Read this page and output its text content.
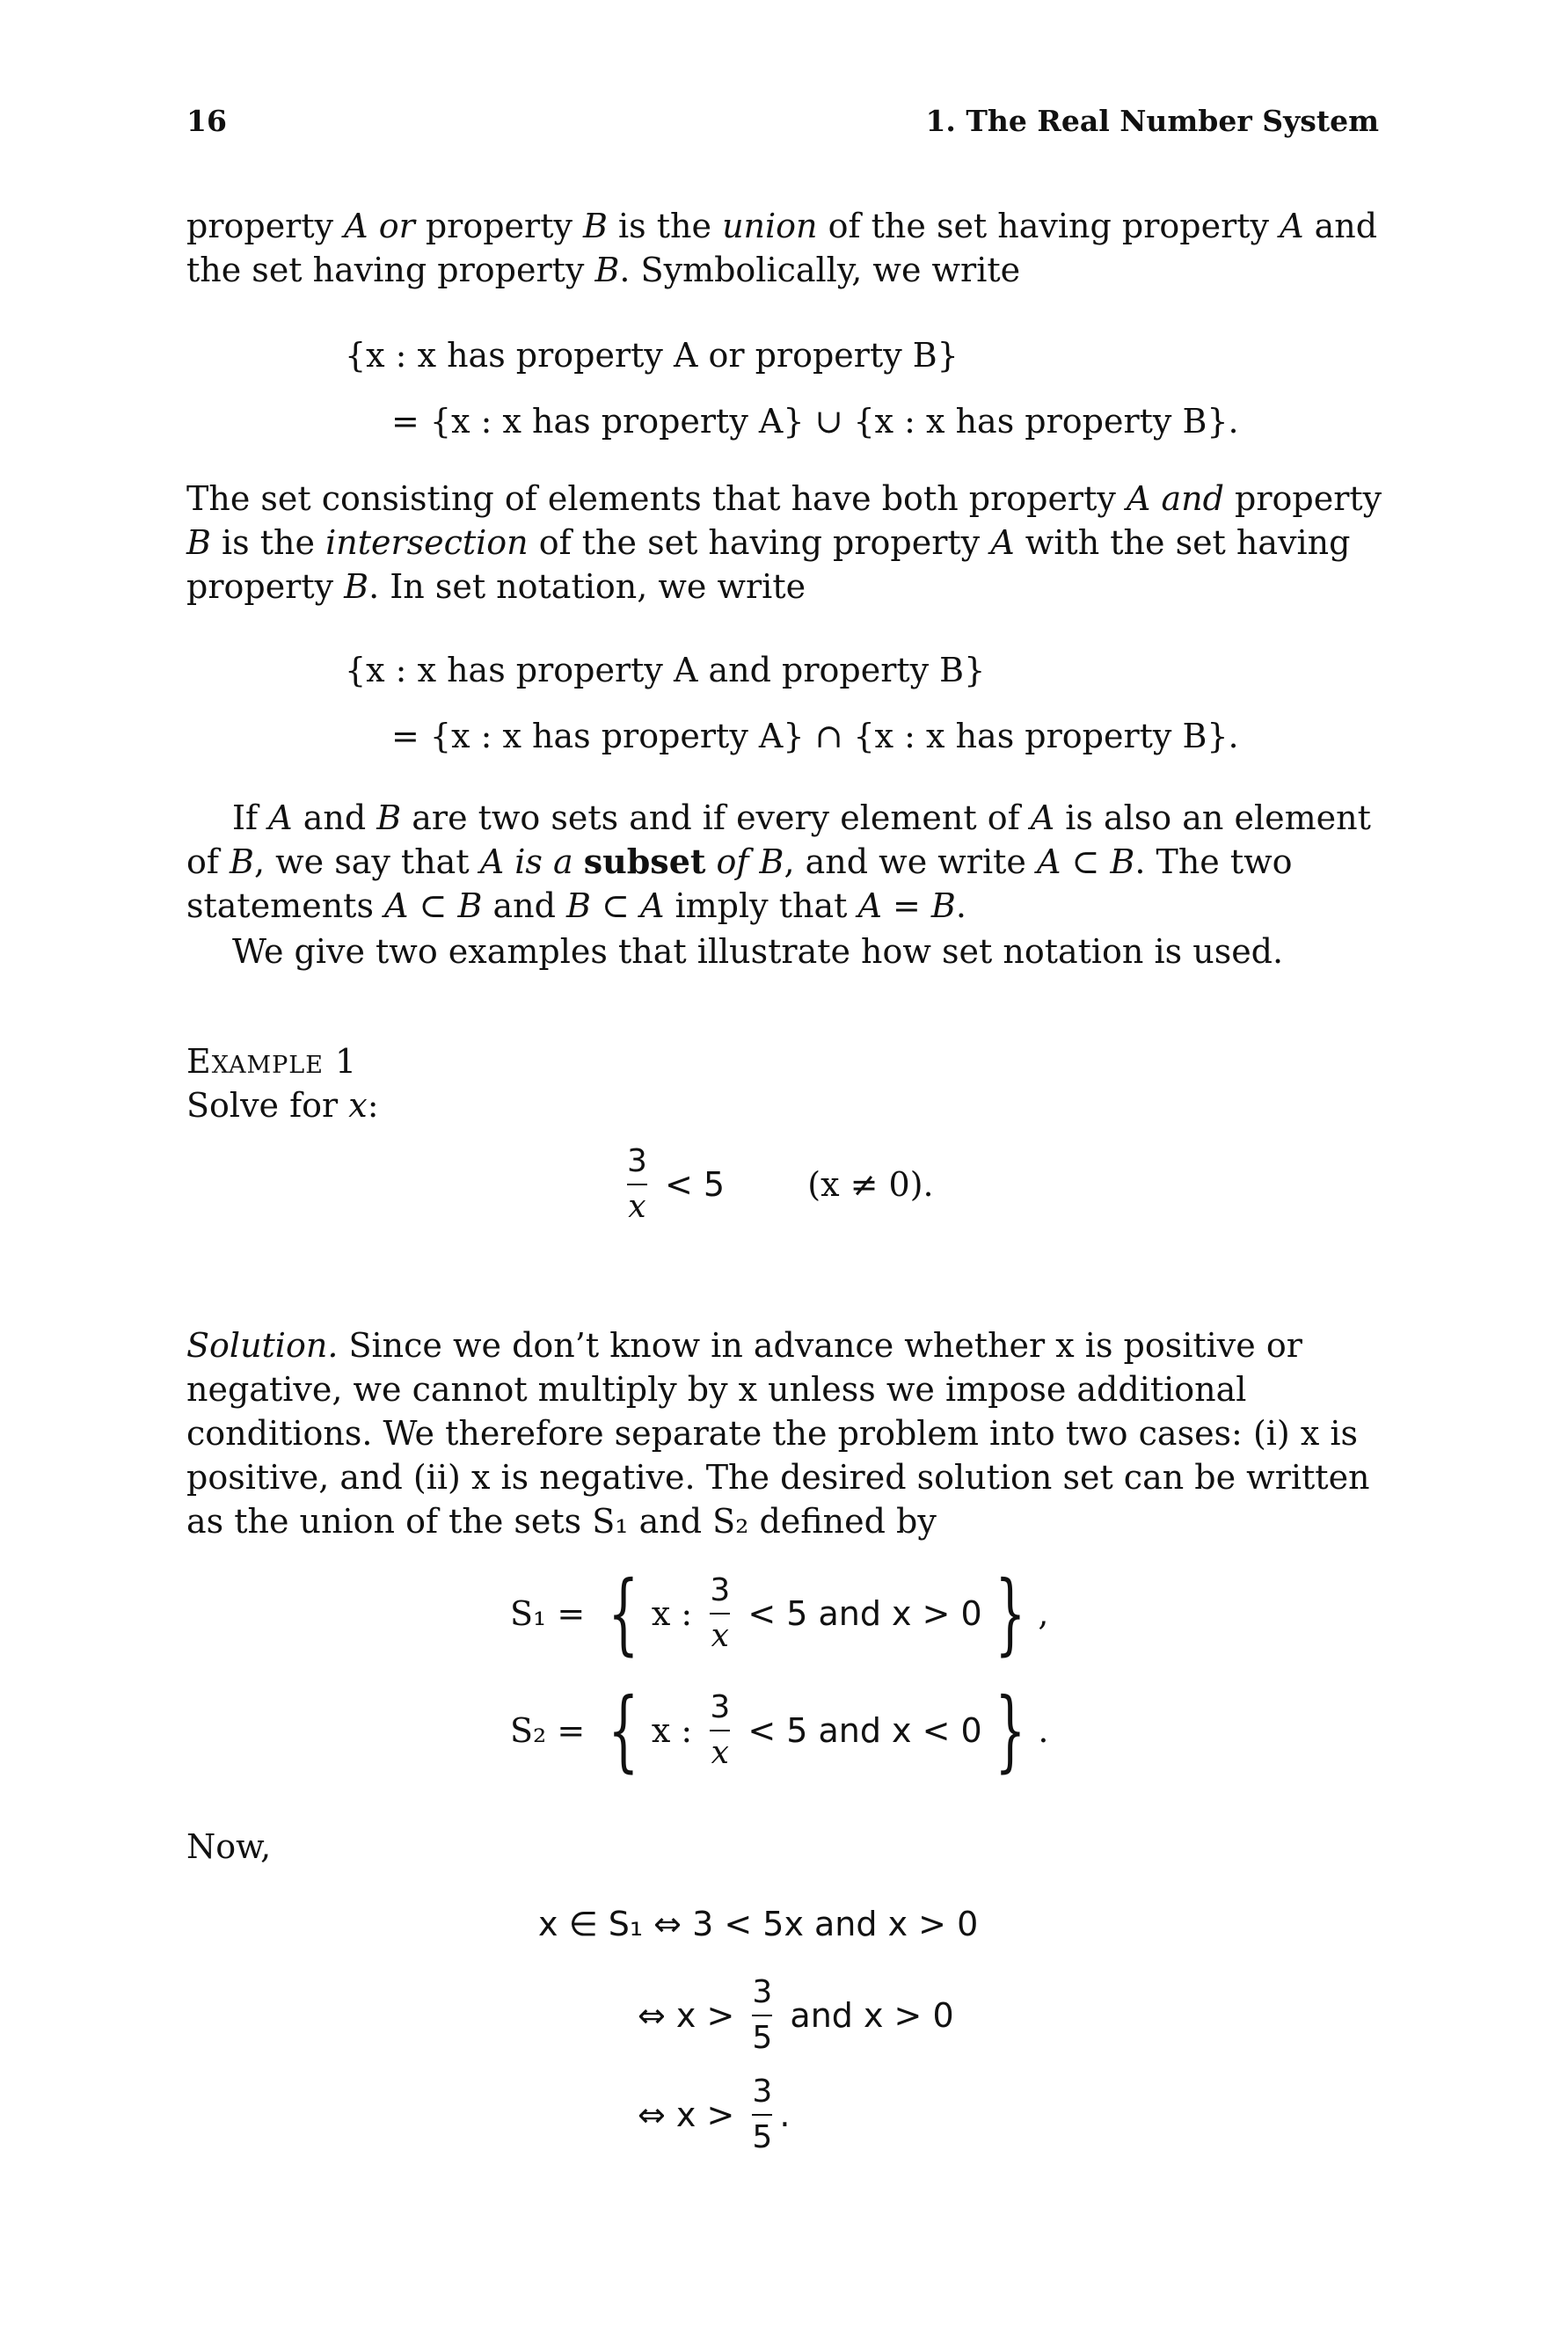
16	1. The Real Number System
property A or property B is the union of the set having property A and the set having property B. Symbolically, we write
{x : x has property A or property B}
= {x : x has property A} ∪ {x : x has property B}.
The set consisting of elements that have both property A and property B is the intersection of the set having property A with the set having property B. In set notation, we write
{x : x has property A and property B}
= {x : x has property A} ∩ {x : x has property B}.
If A and B are two sets and if every element of A is also an element of B, we say that A is a subset of B, and we write A ⊂ B. The two statements A ⊂ B and B ⊂ A imply that A = B.
We give two examples that illustrate how set notation is used.
Example 1
Solve for x:
$\frac{3}{x} < 5$ (x ≠ 0).
Solution. Since we don’t know in advance whether x is positive or negative, we cannot multiply by x unless we impose additional conditions. We therefore separate the problem into two cases: (i) x is positive, and (ii) x is negative. The desired solution set can be written as the union of the sets S₁ and S₂ defined by
S₁ = { x : $\frac{3}{x} < 5$ and x > 0 } ,
S₂ = { x : $\frac{3}{x} < 5$ and x < 0 } .
Now,
x ∈ S₁ ⇔ 3 < 5x and x > 0
⇔ $x > \frac{3}{5}$ and x > 0
⇔ $x > \frac{3}{5}$ .
